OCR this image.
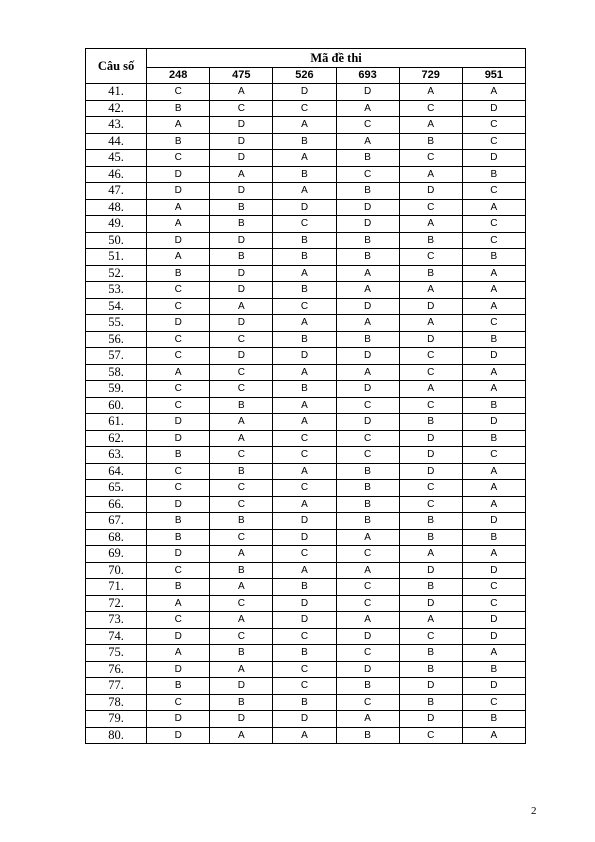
Câu số	Mã đề thi					
	248	475	526	693	729	951
41.	C	A	D	D	A	A
42.	B	C	C	A	C	D
43.	A	D	A	C	A	C
44.	B	D	B	A	B	C
45.	C	D	A	B	C	D
46.	D	A	B	C	A	B
47.	D	D	A	B	D	C
48.	A	B	D	D	C	A
49.	A	B	C	D	A	C
50.	D	D	B	B	B	C
51.	A	B	B	B	C	B
52.	B	D	A	A	B	A
53.	C	D	B	A	A	A
54.	C	A	C	D	D	A
55.	D	D	A	A	A	C
56.	C	C	B	B	D	B
57.	C	D	D	D	C	D
58.	A	C	A	A	C	A
59.	C	C	B	D	A	A
60.	C	B	A	C	C	B
61.	D	A	A	D	B	D
62.	D	A	C	C	D	B
63.	B	C	C	C	D	C
64.	C	B	A	B	D	A
65.	C	C	C	B	C	A
66.	D	C	A	B	C	A
67.	B	B	D	B	B	D
68.	B	C	D	A	B	B
69.	D	A	C	C	A	A
70.	C	B	A	A	D	D
71.	B	A	B	C	B	C
72.	A	C	D	C	D	C
73.	C	A	D	A	A	D
74.	D	C	C	D	C	D
75.	A	B	B	C	B	A
76.	D	A	C	D	B	B
77.	B	D	C	B	D	D
78.	C	B	B	C	B	C
79.	D	D	D	A	D	B
80.	D	A	A	B	C	A
2
